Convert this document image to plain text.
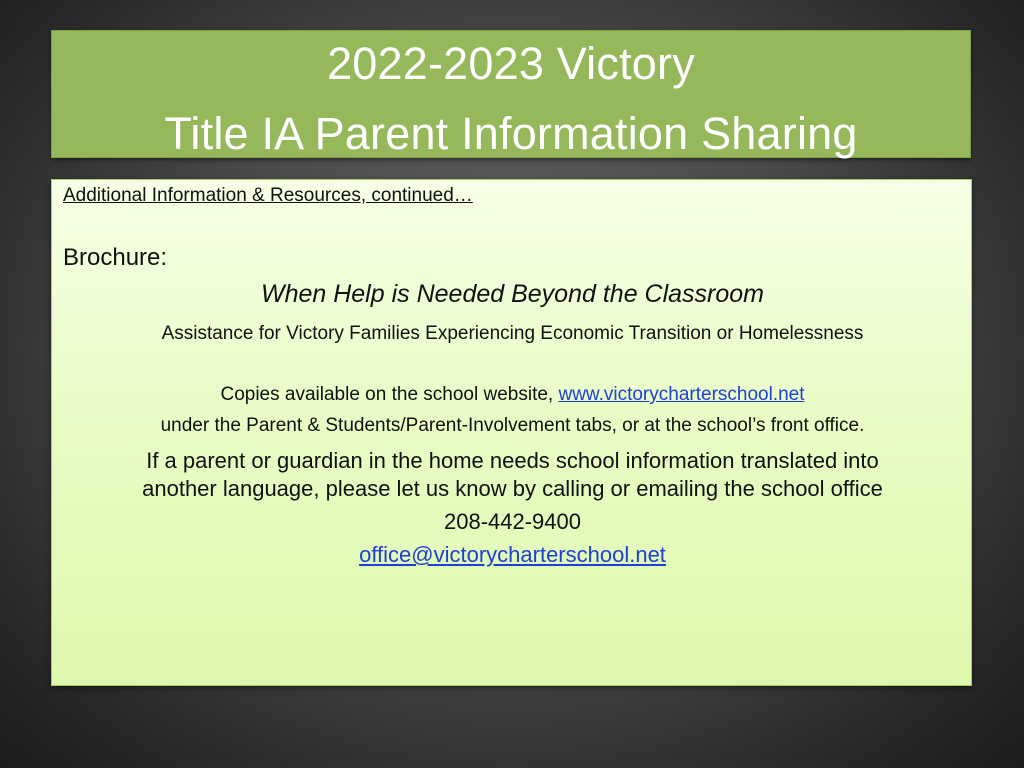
2022-2023 Victory
Title IA Parent Information Sharing
Additional Information & Resources, continued…
Brochure:
When Help is Needed Beyond the Classroom
Assistance for Victory Families Experiencing Economic Transition or Homelessness
Copies available on the school website, www.victorycharterschool.net
under the Parent & Students/Parent-Involvement tabs, or at the school’s front office.
If a parent or guardian in the home needs school information translated into
another language, please let us know by calling or emailing the school office
208-442-9400
office@victorycharterschool.net
